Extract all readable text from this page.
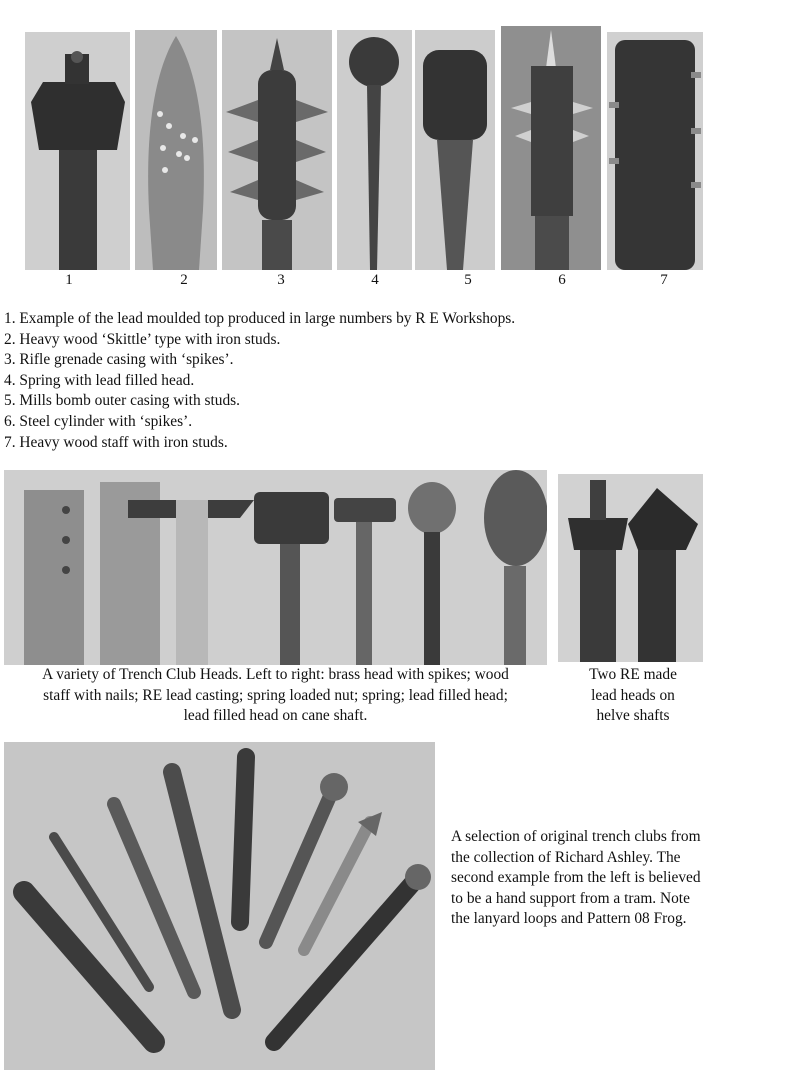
1	2	3	4	5	6	7
1. Example of the lead moulded top produced in large numbers by R E Workshops.
2. Heavy wood ‘Skittle’ type with iron studs.
3. Rifle grenade casing with ‘spikes’.
4. Spring with lead filled head.
5. Mills bomb outer casing with studs.
6. Steel cylinder with ‘spikes’.
7. Heavy wood staff with iron studs.
A variety of Trench Club Heads. Left to right: brass head with spikes; wood
staff with nails; RE lead casting; spring loaded nut; spring; lead filled head;
lead filled head on cane shaft.
Two RE made
lead heads on
helve shafts
A selection of original trench clubs from
the collection of Richard Ashley. The
second example from the left is believed
to be a hand support from a tram. Note
the lanyard loops and Pattern 08 Frog.
